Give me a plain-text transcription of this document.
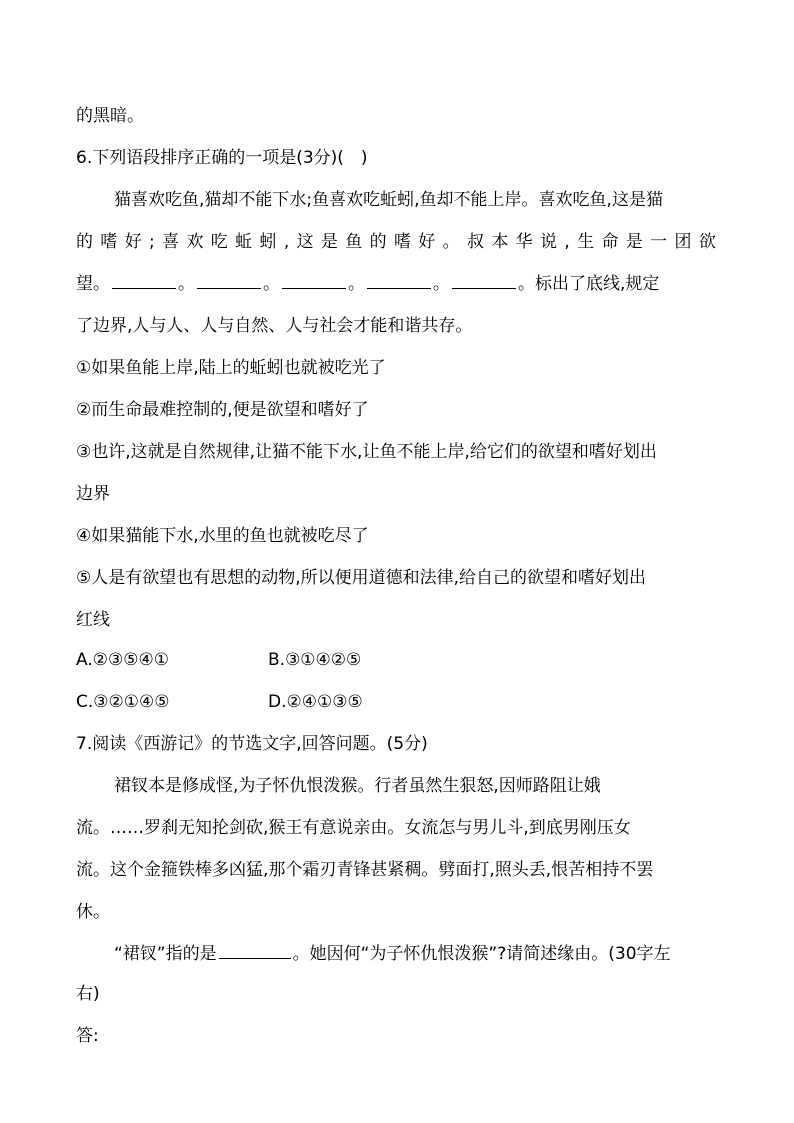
的黑暗。
6.下列语段排序正确的一项是(3分)(　)
猫喜欢吃鱼,猫却不能下水;鱼喜欢吃蚯蚓,鱼却不能上岸。喜欢吃鱼,这是猫
的 嗜 好 ; 喜 欢 吃 蚯 蚓 , 这 是 鱼 的 嗜 好 。 叔 本 华 说 , 生 命 是 一 团 欲
望。	。	。	。	。	。标出了底线,规定
了边界,人与人、人与自然、人与社会才能和谐共存。
①如果鱼能上岸,陆上的蚯蚓也就被吃光了
②而生命最难控制的,便是欲望和嗜好了
③也许,这就是自然规律,让猫不能下水,让鱼不能上岸,给它们的欲望和嗜好划出
边界
④如果猫能下水,水里的鱼也就被吃尽了
⑤人是有欲望也有思想的动物,所以便用道德和法律,给自己的欲望和嗜好划出
红线
A.②③⑤④①	B.③①④②⑤
C.③②①④⑤	D.②④①③⑤
7.阅读《西游记》的节选文字,回答问题。(5分)
裙钗本是修成怪,为子怀仇恨泼猴。行者虽然生狠怒,因师路阻让娥
流。……罗刹无知抡剑砍,猴王有意说亲由。女流怎与男儿斗,到底男刚压女
流。这个金箍铁棒多凶猛,那个霜刃青锋甚紧稠。劈面打,照头丢,恨苦相持不罢
休。
“裙钗”指的是	。她因何“为子怀仇恨泼猴”?请简述缘由。(30字左
右)
答:
